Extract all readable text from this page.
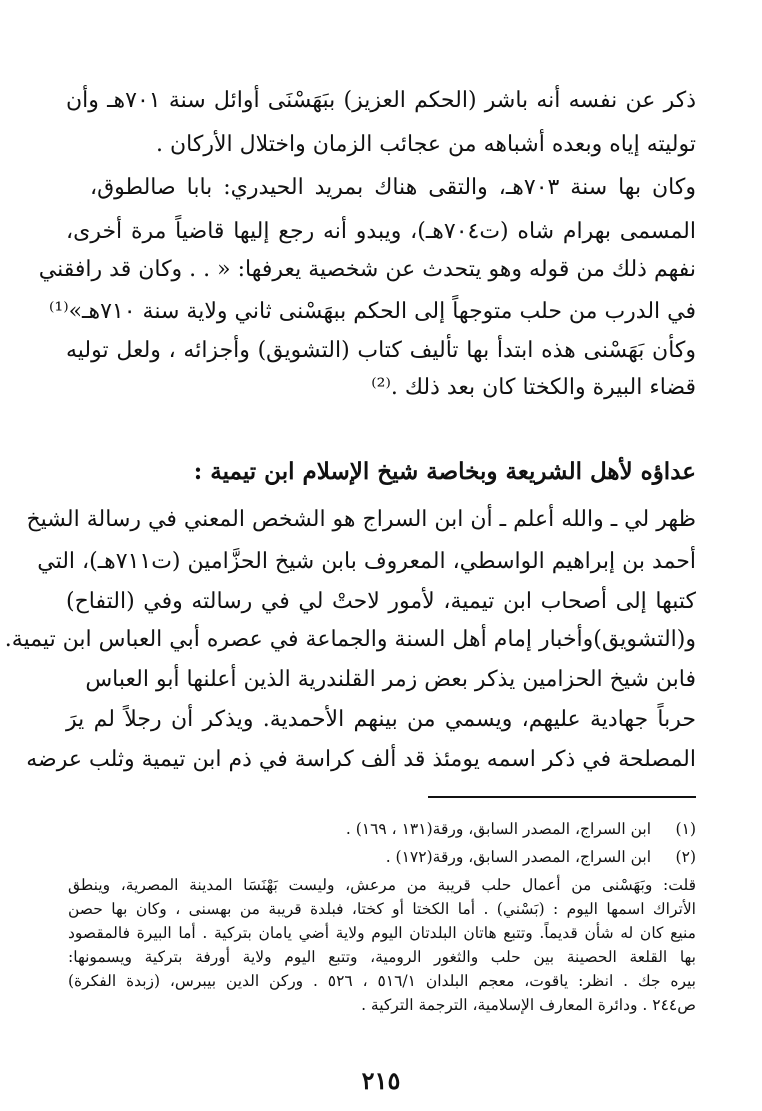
ذكر عن نفسه أنه باشر (الحكم العزيز) ببَهَسْنَى أوائل سنة ٧٠١هـ وأن
توليته إياه وبعده أشباهه من عجائب الزمان واختلال الأركان .
وكان بها سنة ٧٠٣هـ، والتقى هناك بمريد الحيدري: بابا صالطوق،
المسمى بهرام شاه (ت٧٠٤هـ)، ويبدو أنه رجع إليها قاضياً مرة أخرى،
نفهم ذلك من قوله وهو يتحدث عن شخصية يعرفها: « . . وكان قد رافقني
في الدرب من حلب متوجهاً إلى الحكم ببهَسْنى ثاني ولاية سنة ٧١٠هـ»⁽¹⁾
وكأن بَهَسْنى هذه ابتدأ بها تأليف كتاب (التشويق) وأجزائه ، ولعل توليه
قضاء البيرة والكختا كان بعد ذلك .⁽²⁾
عداؤه لأهل الشريعة وبخاصة شيخ الإسلام ابن تيمية :
ظهر لي ـ والله أعلم ـ أن ابن السراج هو الشخص المعني في رسالة الشيخ
أحمد بن إبراهيم الواسطي، المعروف بابن شيخ الحزَّامين (ت٧١١هـ)، التي
كتبها إلى أصحاب ابن تيمية، لأمور لاحتْ لي في رسالته وفي (التفاح)
و(التشويق)وأخبار إمام أهل السنة والجماعة في عصره أبي العباس ابن تيمية.
فابن شيخ الحزامين يذكر بعض زمر القلندرية الذين أعلنها أبو العباس
حرباً جهادية عليهم، ويسمي من بينهم الأحمدية. ويذكر أن رجلاً لم يرَ
المصلحة في ذكر اسمه يومئذ قد ألف كراسة في ذم ابن تيمية وثلب عرضه
(١) ابن السراج، المصدر السابق، ورقة(١٣١ ، ١٦٩) .
(٢) ابن السراج، المصدر السابق، ورقة(١٧٢) .
قلت: وبَهَسْنى من أعمال حلب قريبة من مرعش، وليست بَهْنَسَا المدينة المصرية، وينطق
الأتراك اسمها اليوم : (بَسْني) . أما الكختا أو كختا، فبلدة قريبة من بهسنى ، وكان بها حصن
منيع كان له شأن قديماً. وتتبع هاتان البلدتان اليوم ولاية أضي يامان بتركية . أما البيرة فالمقصود
بها القلعة الحصينة بين حلب والثغور الرومية، وتتبع اليوم ولاية أورفة بتركية ويسمونها:
بيره جك . انظر: ياقوت، معجم البلدان ٥١٦/١ ، ٥٢٦ . وركن الدين بيبرس، (زبدة الفكرة)
ص٢٤٤ . ودائرة المعارف الإسلامية، الترجمة التركية .
٢١٥
